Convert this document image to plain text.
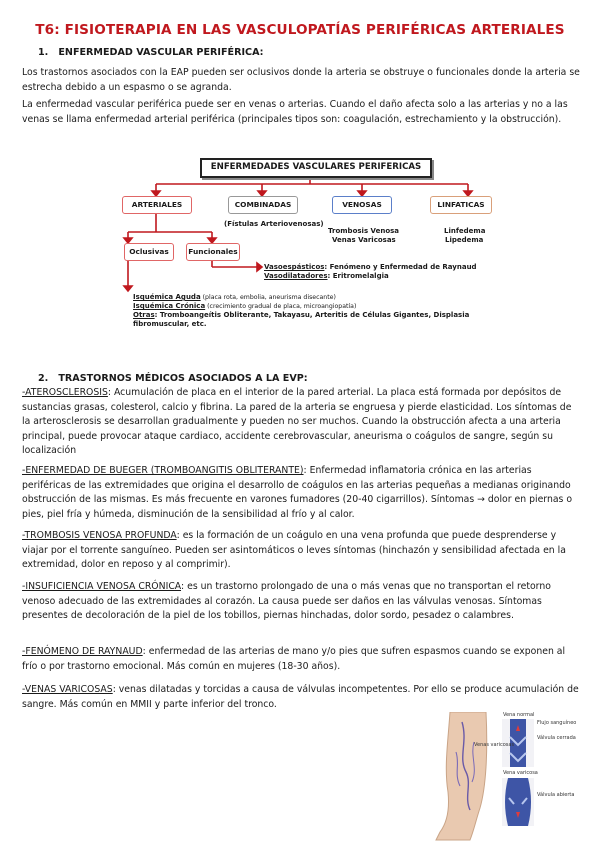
T6: FISIOTERAPIA EN LAS VASCULOPATÍAS PERIFÉRICAS ARTERIALES
1. ENFERMEDAD VASCULAR PERIFÉRICA:

Los trastornos asociados con la EAP pueden ser oclusivos donde la arteria se obstruye o funcionales donde la arteria se estrecha debido a un espasmo o se agranda.

La enfermedad vascular periférica puede ser en venas o arterias. Cuando el daño afecta solo a las arterias y no a las venas se llama enfermedad arterial periférica (principales tipos son: coagulación, estrechamiento y la obstrucción).

ENFERMEDADES VASCULARES PERIFERICAS
ARTERIALES	COMBINADAS	VENOSAS	LINFATICAS
(Fístulas Arteriovenosas)
Trombosis Venosa
Venas Varicosas
Linfedema
Lipedema
Oclusivas	Funcionales
Vasoespásticos: Fenómeno y Enfermedad de Raynaud
Vasodilatadores: Eritromelalgia
Isquémica Aguda (placa rota, embolia, aneurisma disecante)
Isquémica Crónica (crecimiento gradual de placa, microangiopatía)
Otras: Tromboangeítis Obliterante, Takayasu, Arteritis de Células Gigantes, Displasia fibromuscular, etc.
2. TRASTORNOS MÉDICOS ASOCIADOS A LA EVP:

-ATEROSCLEROSIS: Acumulación de placa en el interior de la pared arterial. La placa está formada por depósitos de sustancias grasas, colesterol, calcio y fibrina. La pared de la arteria se engruesa y pierde elasticidad. Los síntomas de la arterosclerosis se desarrollan gradualmente y pueden no ser muchos. Cuando la obstrucción afecta a una arteria principal, puede provocar ataque cardiaco, accidente cerebrovascular, aneurisma o coágulos de sangre, según su localización

-ENFERMEDAD DE BUEGER (TROMBOANGITIS OBLITERANTE): Enfermedad inflamatoria crónica en las arterias periféricas de las extremidades que origina el desarrollo de coágulos en las arterias pequeñas a medianas originando obstrucción de las mismas. Es más frecuente en varones fumadores (20-40 cigarrillos). Síntomas → dolor en piernas o pies, piel fría y húmeda, disminución de la sensibilidad al frío y al calor.

-TROMBOSIS VENOSA PROFUNDA: es la formación de un coágulo en una vena profunda que puede desprenderse y viajar por el torrente sanguíneo. Pueden ser asintomáticos o leves síntomas (hinchazón y sensibilidad afectada en la extremidad, dolor en reposo y al comprimir).

-INSUFICIENCIA VENOSA CRÓNICA: es un trastorno prolongado de una o más venas que no transportan el retorno venoso adecuado de las extremidades al corazón. La causa puede ser daños en las válvulas venosas. Síntomas presentes de decoloración de la piel de los tobillos, piernas hinchadas, dolor sordo, pesadez o calambres.

-FENÓMENO DE RAYNAUD: enfermedad de las arterias de mano y/o pies que sufren espasmos cuando se exponen al frío o por trastorno emocional. Más común en mujeres (18-30 años).

-VENAS VARICOSAS: venas dilatadas y torcidas a causa de válvulas incompetentes. Por ello se produce acumulación de sangre. Más común en MMII y parte inferior del tronco.

Vena normal
Flujo sanguíneo
Válvula cerrada
Venas varicosas
Vena varicosa
Válvula abierta
